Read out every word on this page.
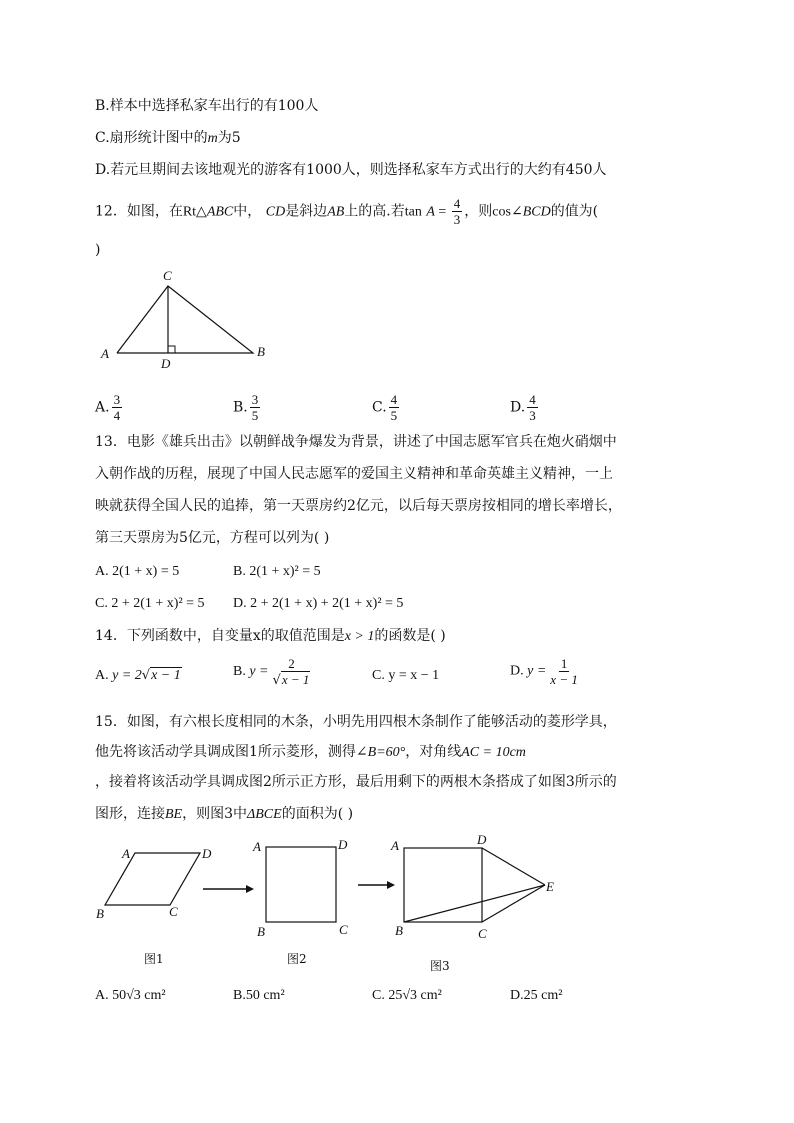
B.样本中选择私家车出行的有100人
C.扇形统计图中的m为5
D.若元旦期间去该地观光的游客有1000人，则选择私家车方式出行的大约有450人
12．如图，在Rt△ABC中， CD是斜边AB上的高.若$\tan A = \frac{4}{3}$ ，则cos∠BCD的值为(
)
C
A	B
D
A. $\frac{3}{4}$	B. $\frac{3}{5}$	C. $\frac{4}{5}$	D. $\frac{4}{3}$
13．电影《雄兵出击》以朝鲜战争爆发为背景，讲述了中国志愿军官兵在炮火硝烟中
入朝作战的历程，展现了中国人民志愿军的爱国主义精神和革命英雄主义精神，一上
映就获得全国人民的追捧，第一天票房约2亿元，以后每天票房按相同的增长率增长，
第三天票房为5亿元，方程可以列为( )
A. 2(1 + x) = 5	B. 2(1 + x)² = 5
C. 2 + 2(1 + x)² = 5 D. 2 + 2(1 + x) + 2(1 + x)² = 5
14．下列函数中，自变量x的取值范围是x > 1的函数是( )
A. y = 2√x − 1	B. $y = \frac{2}{√x - 1}$	C. y = x − 1	D. $y = \frac{1}{x - 1}$
15．如图，有六根长度相同的木条，小明先用四根木条制作了能够活动的菱形学具，
他先将该活动学具调成图1所示菱形，测得∠B=60°，对角线AC = 10cm
，接着将该活动学具调成图2所示正方形，最后用剩下的两根木条搭成了如图3所示的
图形，连接BE，则图3中ΔBCE的面积为( )
A	D
B	C
图1
A	D
B	C
图2
A	D
B	C
E
图3
A. 50√3 cm²	B.50 cm²	C. 25√3 cm²	D.25 cm²
